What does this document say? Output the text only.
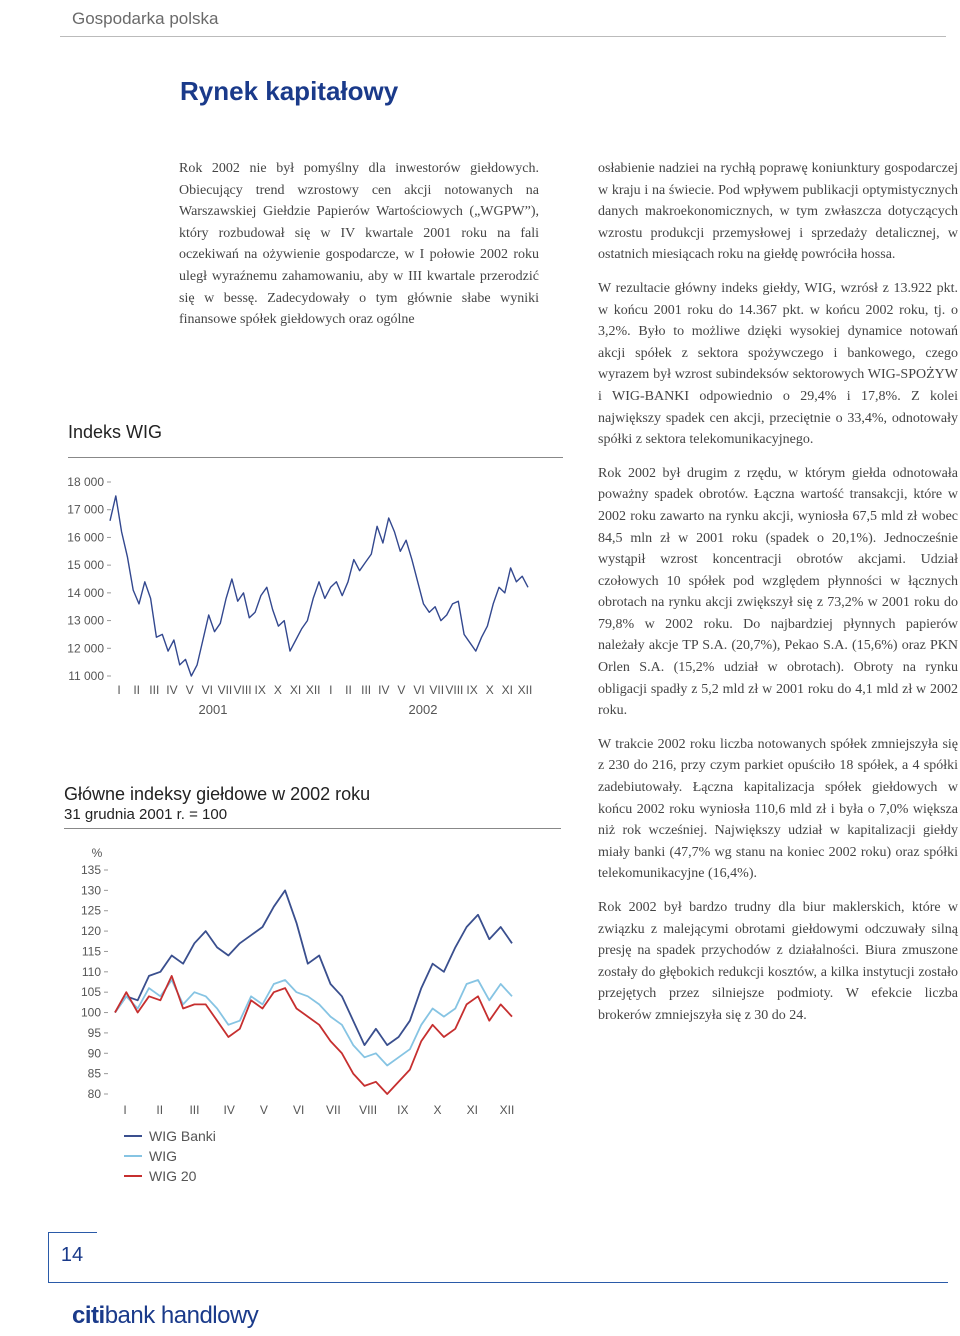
Gospodarka polska
Rynek kapitałowy

Rok 2002 nie był pomyślny dla inwestorów giełdowych. Obiecujący trend wzrostowy cen akcji notowanych na Warszawskiej Giełdzie Papierów Wartościowych („WGPW”), który rozbudował się w IV kwartale 2001 roku na fali oczekiwań na ożywienie gospodarcze, w I połowie 2002 roku uległ wyraźnemu zahamowaniu, aby w III kwartale przerodzić się w bessę. Zadecydowały o tym głównie słabe wyniki finansowe spółek giełdowych oraz ogólne

osłabienie nadziei na rychłą poprawę koniunktury gospodarczej w kraju i na świecie. Pod wpływem publikacji optymistycznych danych makroekonomicznych, w tym zwłaszcza dotyczących wzrostu produkcji przemysłowej i sprzedaży detalicznej, w ostatnich miesiącach roku na giełdę powróciła hossa.

W rezultacie główny indeks giełdy, WIG, wzrósł z 13.922 pkt. w końcu 2001 roku do 14.367 pkt. w końcu 2002 roku, tj. o 3,2%. Było to możliwe dzięki wysokiej dynamice notowań akcji spółek z sektora spożywczego i bankowego, czego wyrazem był wzrost subindeksów sektorowych WIG-SPOŻYW i WIG-BANKI odpowiednio o 29,4% i 17,8%. Z kolei największy spadek cen akcji, przeciętnie o 33,4%, odnotowały spółki z sektora telekomunikacyjnego.

Rok 2002 był drugim z rzędu, w którym giełda odnotowała poważny spadek obrotów. Łączna wartość transakcji, które w 2002 roku zawarto na rynku akcji, wyniosła 67,5 mld zł wobec 84,5 mln zł w 2001 roku (spadek o 20,1%). Jednocześnie wystąpił wzrost koncentracji obrotów akcjami. Udział czołowych 10 spółek pod względem płynności w łącznych obrotach na rynku akcji zwiększył się z 73,2% w 2001 roku do 79,8% w 2002 roku. Do najbardziej płynnych papierów należały akcje TP S.A. (20,7%), Pekao S.A. (15,6%) oraz PKN Orlen S.A. (15,2% udział w obrotach). Obroty na rynku obligacji spadły z 5,2 mld zł w 2001 roku do 4,1 mld zł w 2002 roku.

W trakcie 2002 roku liczba notowanych spółek zmniejszyła się z 230 do 216, przy czym parkiet opuściło 18 spółek, a 4 spółki zadebiutowały. Łączna kapitalizacja spółek giełdowych w końcu 2002 roku wyniosła 110,6 mld zł i była o 7,0% większa niż rok wcześniej. Największy udział w kapitalizacji giełdy miały banki (47,7% wg stanu na koniec 2002 roku) oraz spółki telekomunikacyjne (16,4%).

Rok 2002 był bardzo trudny dla biur maklerskich, które w związku z malejącymi obrotami giełdowymi odczuwały silną presję na spadek przychodów z działalności. Biura zmuszone zostały do głębokich redukcji kosztów, a kilka instytucji zostało przejętych przez silniejsze podmioty. W efekcie liczba brokerów zmniejszyła się z 30 do 24.

Indeks WIG
18 000
17 000
16 000
15 000
14 000
13 000
12 000
11 000
I II III IV V VI VII VIII IX X XI XII I II III IV V VI VII VIII IX X XI XII
2001	2002
Główne indeksy giełdowe w 2002 roku
31 grudnia 2001 r. = 100
%
135
130
125
120
115
110
105
100
95
90
85
80
I II III IV V VI VII VIII IX X XI XII
WIG Banki
WIG
WIG 20
14
citibank handlowy
